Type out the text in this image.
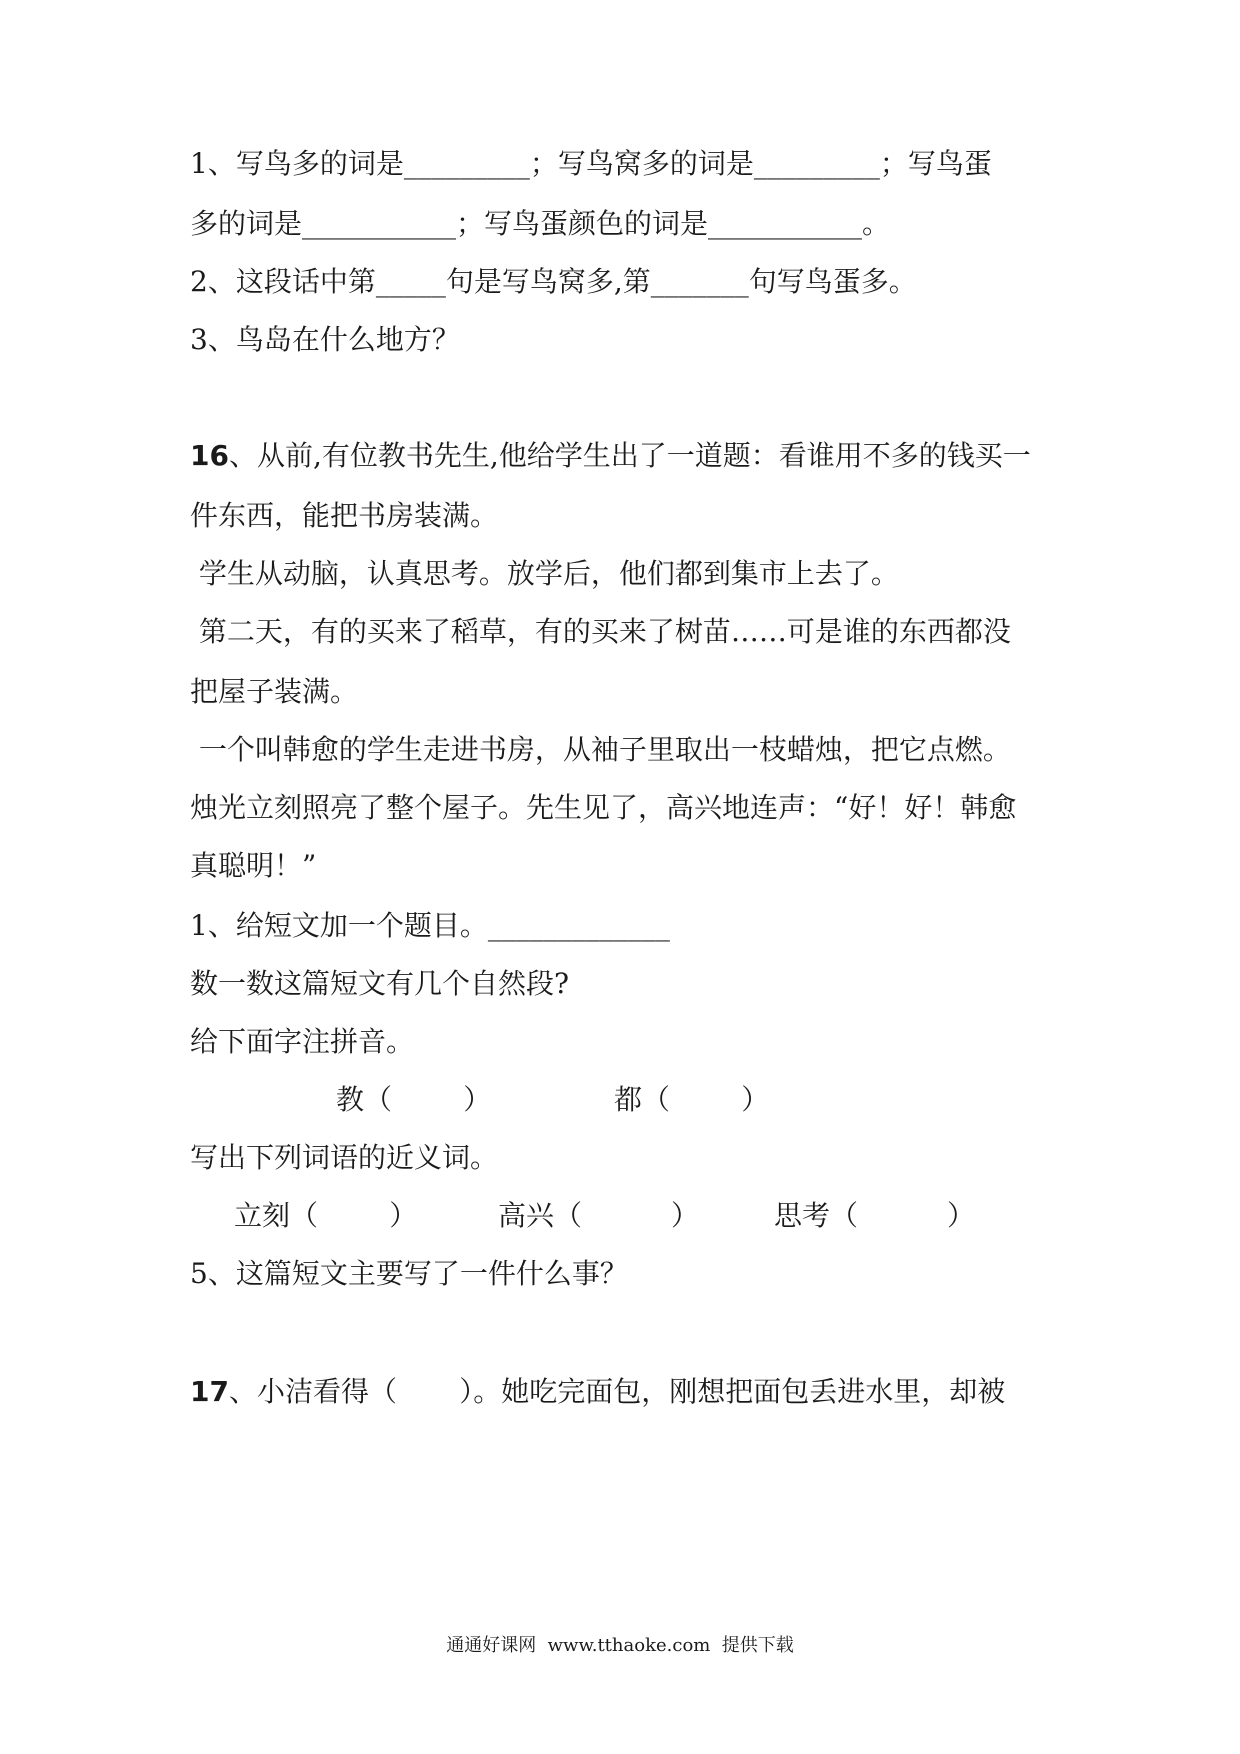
1、写鸟多的词是_________；写鸟窝多的词是_________；写鸟蛋
多的词是___________；写鸟蛋颜色的词是___________。
2、这段话中第_____句是写鸟窝多,第_______句写鸟蛋多。
3、鸟岛在什么地方？
16、从前,有位教书先生,他给学生出了一道题：看谁用不多的钱买一
件东西，能把书房装满。
学生从动脑，认真思考。放学后，他们都到集市上去了。
第二天，有的买来了稻草，有的买来了树苗……可是谁的东西都没
把屋子装满。
一个叫韩愈的学生走进书房，从袖子里取出一枝蜡烛，把它点燃。
烛光立刻照亮了整个屋子。先生见了，高兴地连声：“好！好！韩愈
真聪明！”
1、给短文加一个题目。_____________
数一数这篇短文有几个自然段?
给下面字注拼音。
教（        ）	都（        ）
写出下列词语的近义词。
立刻（        ）	高兴（          ）	思考（          ）
5、这篇短文主要写了一件什么事？
17、小洁看得（       ）。她吃完面包，刚想把面包丢进水里，却被
通通好课网  www.tthaoke.com  提供下载
